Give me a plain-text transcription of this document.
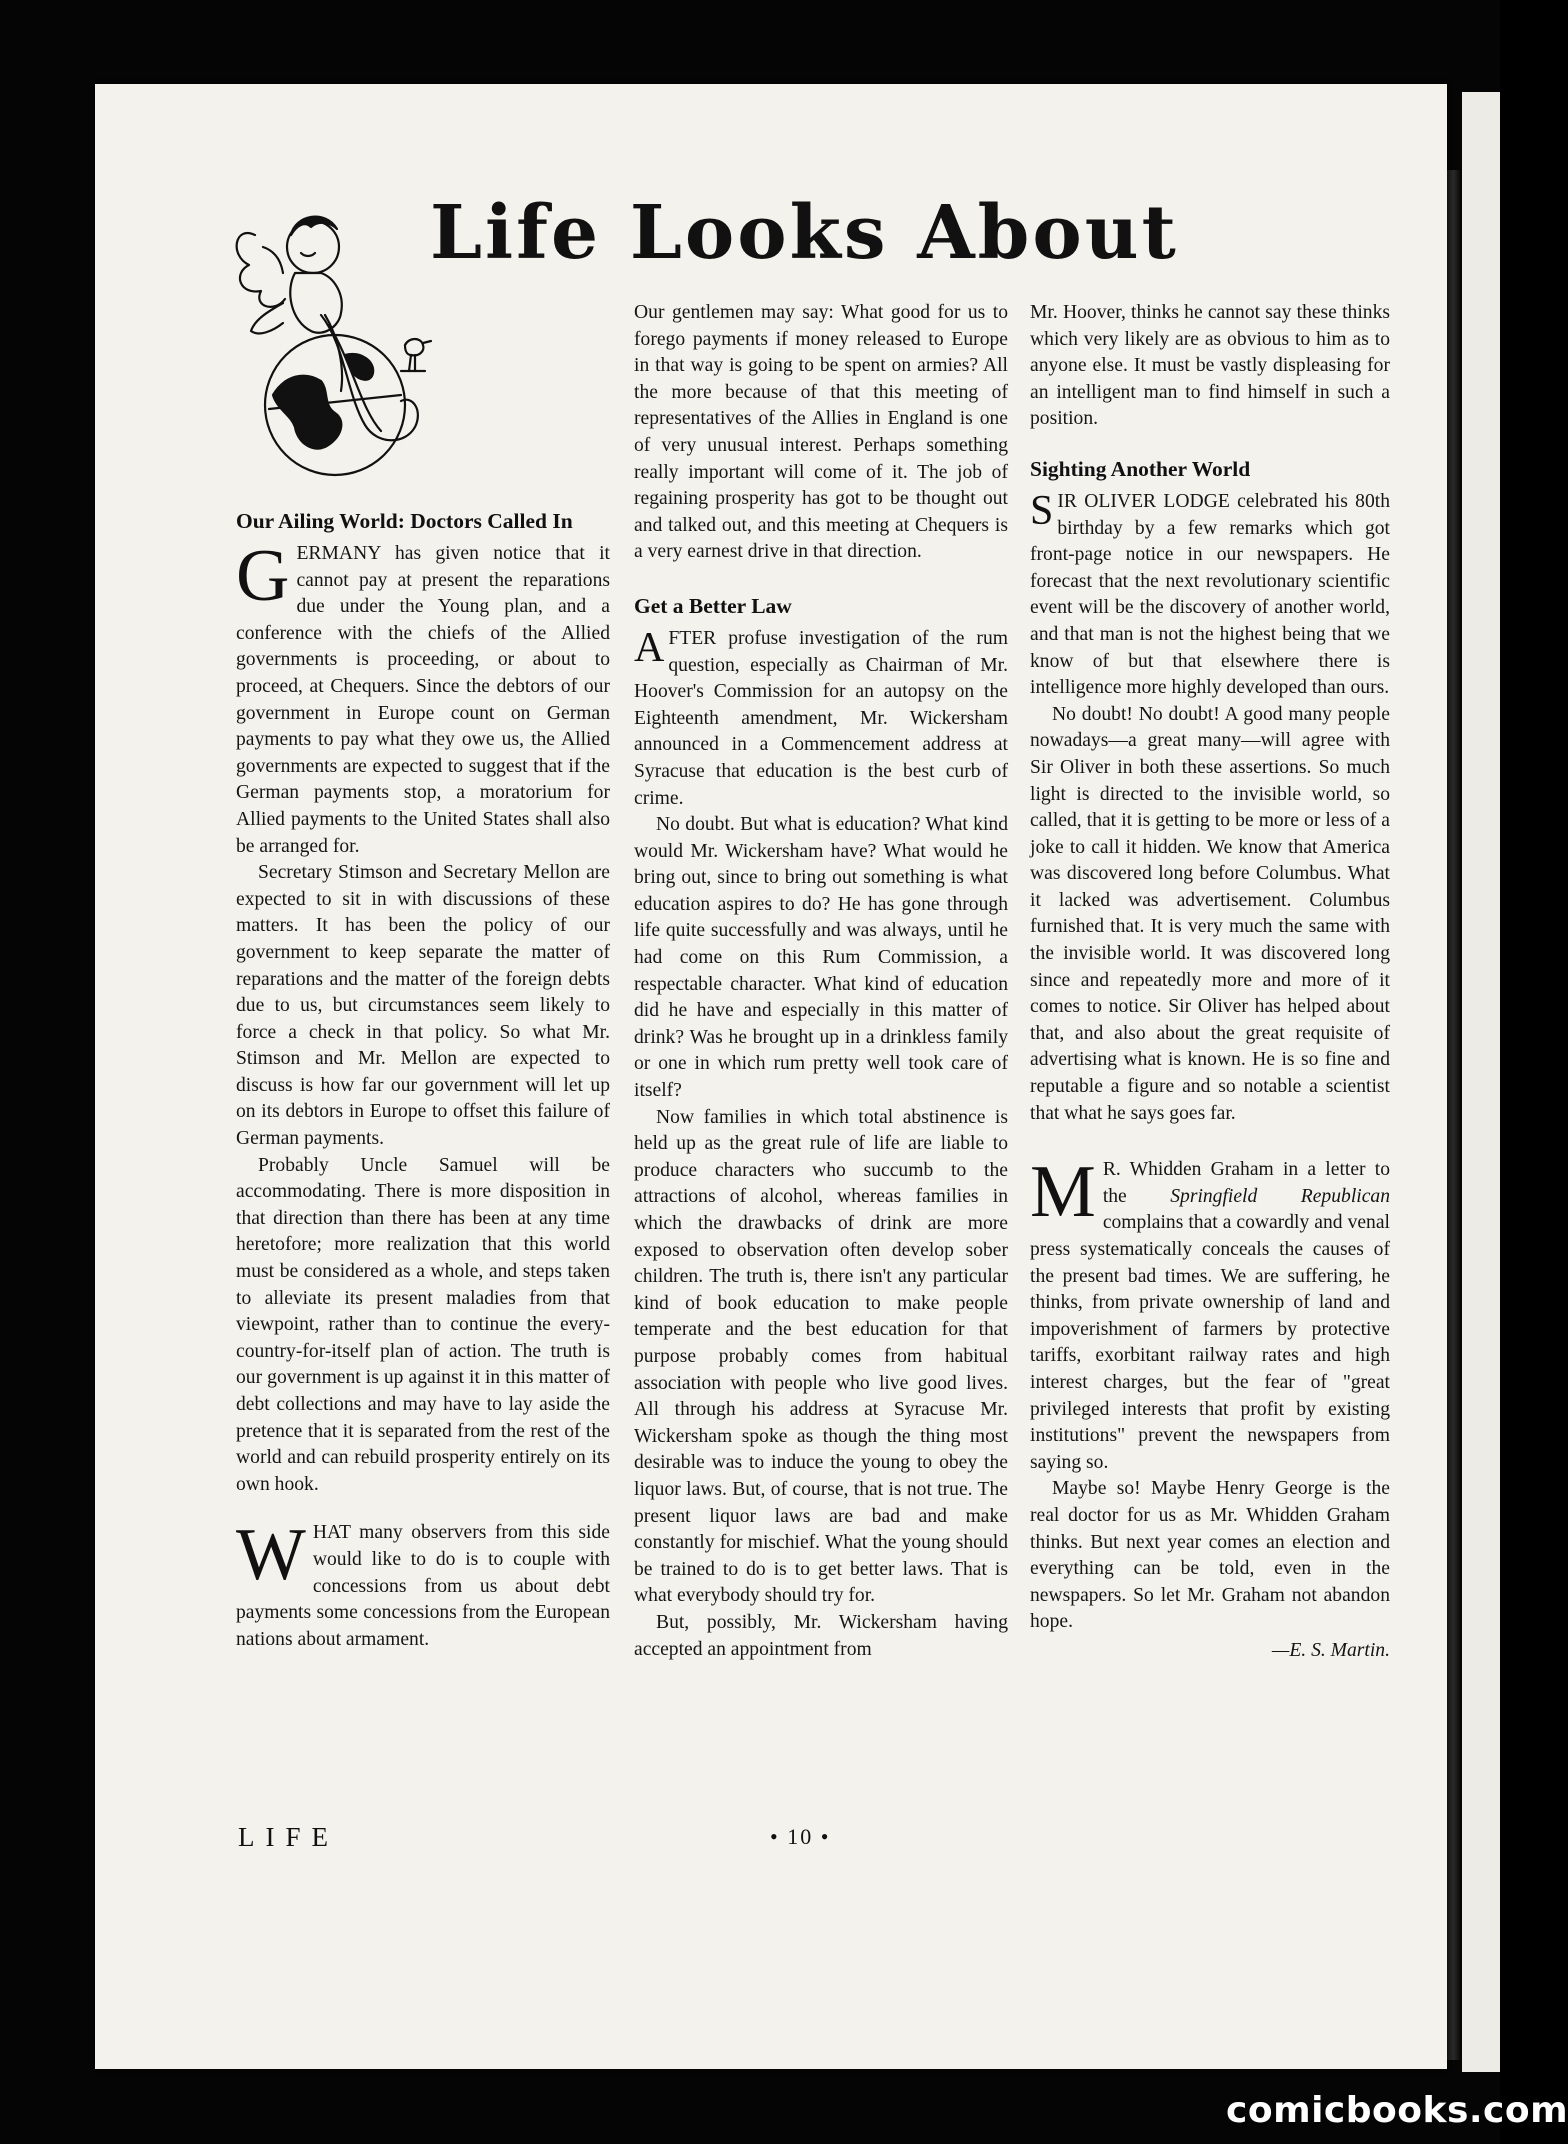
Life Looks About
Our Ailing World: Doctors Called In

GERMANY has given notice that it cannot pay at present the reparations due under the Young plan, and a conference with the chiefs of the Allied governments is proceeding, or about to proceed, at Chequers. Since the debtors of our government in Europe count on German payments to pay what they owe us, the Allied governments are expected to suggest that if the German payments stop, a moratorium for Allied payments to the United States shall also be arranged for.

Secretary Stimson and Secretary Mellon are expected to sit in with discussions of these matters. It has been the policy of our government to keep separate the matter of reparations and the matter of the foreign debts due to us, but circumstances seem likely to force a check in that policy. So what Mr. Stimson and Mr. Mellon are expected to discuss is how far our government will let up on its debtors in Europe to offset this failure of German payments.

Probably Uncle Samuel will be accommodating. There is more disposition in that direction than there has been at any time heretofore; more realization that this world must be considered as a whole, and steps taken to alleviate its present maladies from that viewpoint, rather than to continue the every-country-for-itself plan of action. The truth is our government is up against it in this matter of debt collections and may have to lay aside the pretence that it is separated from the rest of the world and can rebuild prosperity entirely on its own hook.

WHAT many observers from this side would like to do is to couple with concessions from us about debt payments some concessions from the European nations about armament.

Our gentlemen may say: What good for us to forego payments if money released to Europe in that way is going to be spent on armies? All the more because of that this meeting of representatives of the Allies in England is one of very unusual interest. Perhaps something really important will come of it. The job of regaining prosperity has got to be thought out and talked out, and this meeting at Chequers is a very earnest drive in that direction.

Get a Better Law

AFTER profuse investigation of the rum question, especially as Chairman of Mr. Hoover's Commission for an autopsy on the Eighteenth amendment, Mr. Wickersham announced in a Commencement address at Syracuse that education is the best curb of crime.

No doubt. But what is education? What kind would Mr. Wickersham have? What would he bring out, since to bring out something is what education aspires to do? He has gone through life quite successfully and was always, until he had come on this Rum Commission, a respectable character. What kind of education did he have and especially in this matter of drink? Was he brought up in a drinkless family or one in which rum pretty well took care of itself?

Now families in which total abstinence is held up as the great rule of life are liable to produce characters who succumb to the attractions of alcohol, whereas families in which the drawbacks of drink are more exposed to observation often develop sober children. The truth is, there isn't any particular kind of book education to make people temperate and the best education for that purpose probably comes from habitual association with people who live good lives. All through his address at Syracuse Mr. Wickersham spoke as though the thing most desirable was to induce the young to obey the liquor laws. But, of course, that is not true. The present liquor laws are bad and make constantly for mischief. What the young should be trained to do is to get better laws. That is what everybody should try for.

But, possibly, Mr. Wickersham having accepted an appointment from

Mr. Hoover, thinks he cannot say these thinks which very likely are as obvious to him as to anyone else. It must be vastly displeasing for an intelligent man to find himself in such a position.

Sighting Another World

SIR OLIVER LODGE celebrated his 80th birthday by a few remarks which got front-page notice in our newspapers. He forecast that the next revolutionary scientific event will be the discovery of another world, and that man is not the highest being that we know of but that elsewhere there is intelligence more highly developed than ours.

No doubt! No doubt! A good many people nowadays—a great many—will agree with Sir Oliver in both these assertions. So much light is directed to the invisible world, so called, that it is getting to be more or less of a joke to call it hidden. We know that America was discovered long before Columbus. What it lacked was advertisement. Columbus furnished that. It is very much the same with the invisible world. It was discovered long since and repeatedly more and more of it comes to notice. Sir Oliver has helped about that, and also about the great requisite of advertising what is known. He is so fine and reputable a figure and so notable a scientist that what he says goes far.

M R. Whidden Graham in a letter to the Springfield Republican complains that a cowardly and venal press systematically conceals the causes of the present bad times. We are suffering, he thinks, from private ownership of land and impoverishment of farmers by protective tariffs, exorbitant railway rates and high interest charges, but the fear of "great privileged interests that profit by existing institutions" prevent the newspapers from saying so.

Maybe so! Maybe Henry George is the real doctor for us as Mr. Whidden Graham thinks. But next year comes an election and everything can be told, even in the newspapers. So let Mr. Graham not abandon hope.

—E. S. Martin.
LIFE	• 10 •
comicbooks.com
